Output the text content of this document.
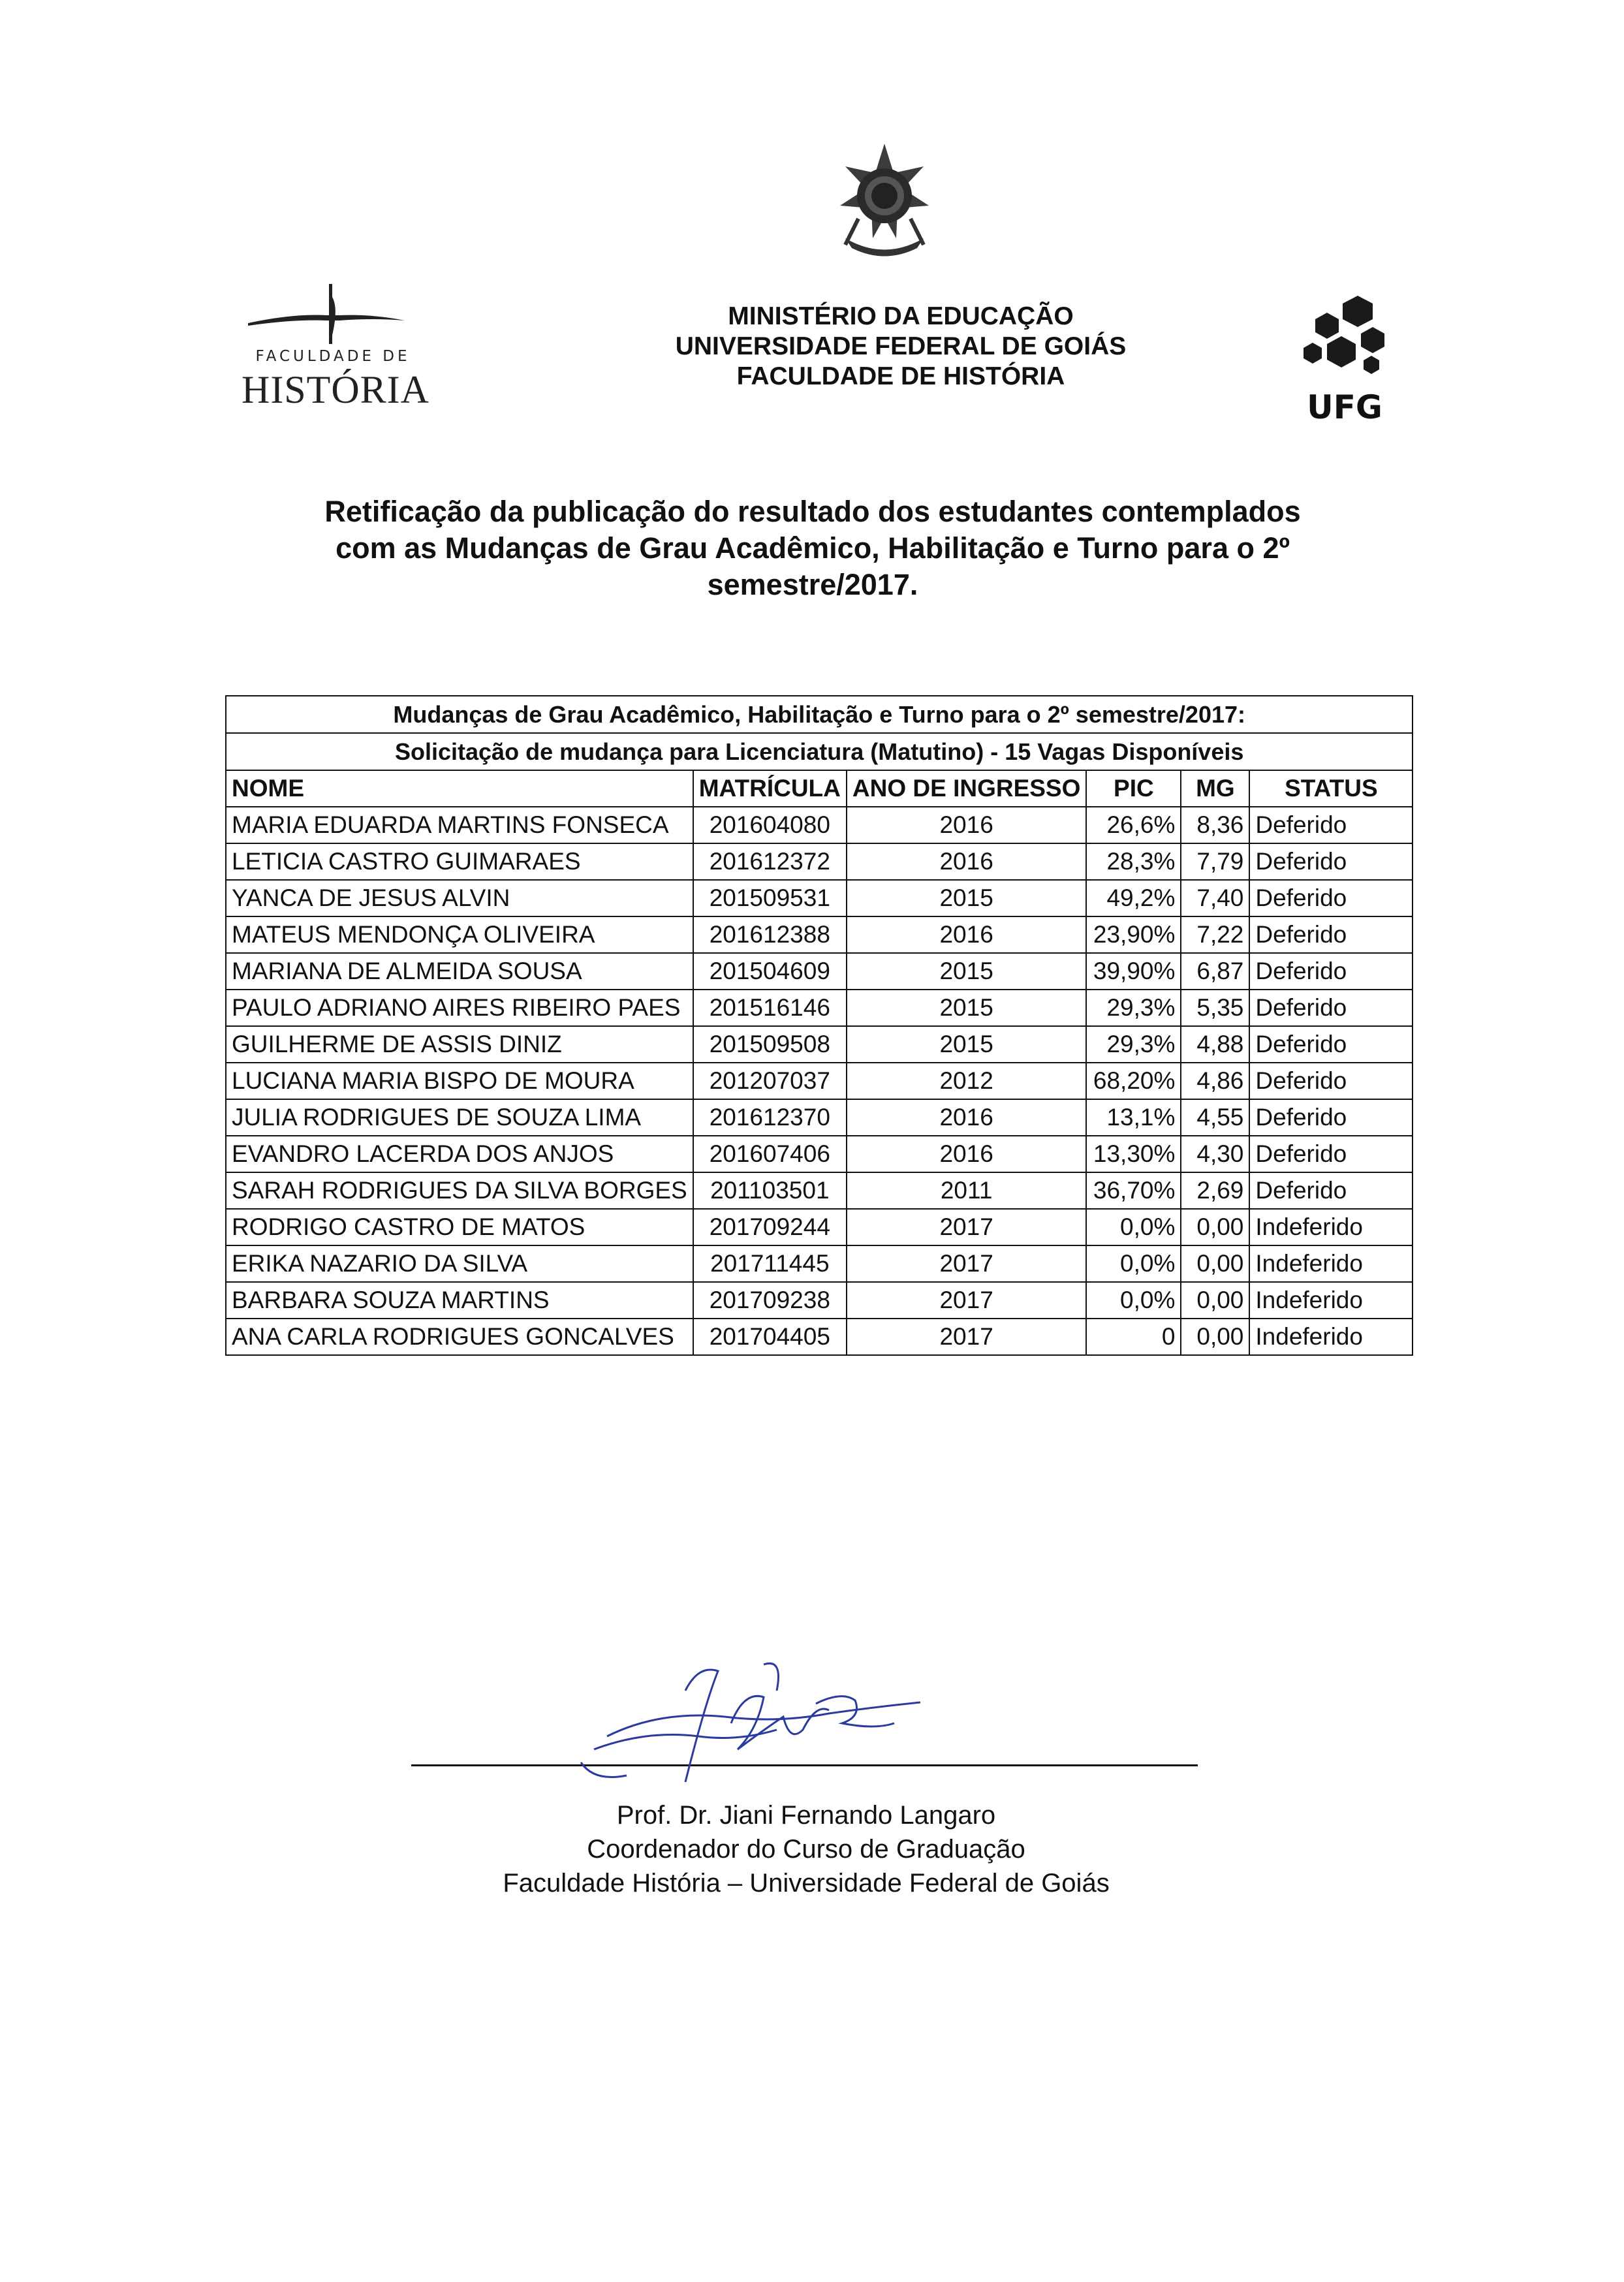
FACULDADE DE
HISTÓRIA
MINISTÉRIO DA EDUCAÇÃO
UNIVERSIDADE FEDERAL DE GOIÁS
FACULDADE DE HISTÓRIA
UFG
Retificação da publicação do resultado dos estudantes contemplados
com as Mudanças de Grau Acadêmico, Habilitação e Turno para o 2º
semestre/2017.
Mudanças de Grau Acadêmico, Habilitação e Turno para o 2º semestre/2017:					
Solicitação de mudança para Licenciatura (Matutino) - 15 Vagas Disponíveis					
NOME	MATRÍCULA	ANO DE INGRESSO	PIC	MG	STATUS
MARIA EDUARDA MARTINS FONSECA	201604080	2016	26,6%	8,36	Deferido
LETICIA CASTRO GUIMARAES	201612372	2016	28,3%	7,79	Deferido
YANCA DE JESUS ALVIN	201509531	2015	49,2%	7,40	Deferido
MATEUS MENDONÇA OLIVEIRA	201612388	2016	23,90%	7,22	Deferido
MARIANA DE ALMEIDA SOUSA	201504609	2015	39,90%	6,87	Deferido
PAULO ADRIANO AIRES RIBEIRO PAES	201516146	2015	29,3%	5,35	Deferido
GUILHERME DE ASSIS DINIZ	201509508	2015	29,3%	4,88	Deferido
LUCIANA MARIA BISPO DE MOURA	201207037	2012	68,20%	4,86	Deferido
JULIA RODRIGUES DE SOUZA LIMA	201612370	2016	13,1%	4,55	Deferido
EVANDRO LACERDA DOS ANJOS	201607406	2016	13,30%	4,30	Deferido
SARAH RODRIGUES DA SILVA BORGES	201103501	2011	36,70%	2,69	Deferido
RODRIGO CASTRO DE MATOS	201709244	2017	0,0%	0,00	Indeferido
ERIKA NAZARIO DA SILVA	201711445	2017	0,0%	0,00	Indeferido
BARBARA SOUZA MARTINS	201709238	2017	0,0%	0,00	Indeferido
ANA CARLA RODRIGUES GONCALVES	201704405	2017	0	0,00	Indeferido
Prof. Dr. Jiani Fernando Langaro
Coordenador do Curso de Graduação
Faculdade História – Universidade Federal de Goiás
